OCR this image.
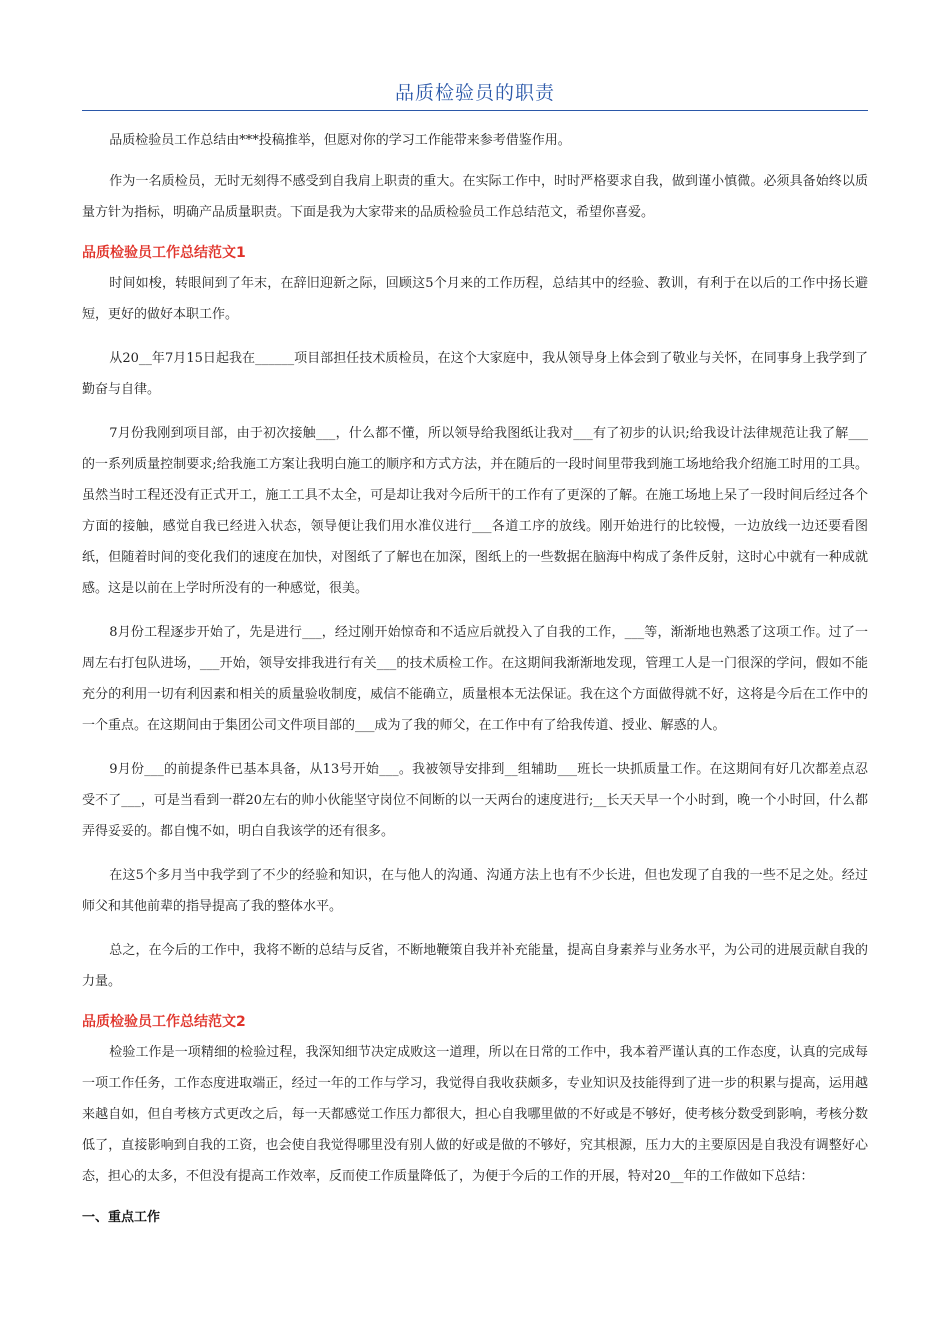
品质检验员的职责

品质检验员工作总结由***投稿推举，但愿对你的学习工作能带来参考借鉴作用。

作为一名质检员，无时无刻得不感受到自我肩上职责的重大。在实际工作中，时时严格要求自我，做到谨小慎微。必须具备始终以质量方针为指标，明确产品质量职责。下面是我为大家带来的品质检验员工作总结范文，希望你喜爱。

品质检验员工作总结范文1

时间如梭，转眼间到了年末，在辞旧迎新之际，回顾这5个月来的工作历程，总结其中的经验、教训，有利于在以后的工作中扬长避短，更好的做好本职工作。

从20__年7月15日起我在______项目部担任技术质检员，在这个大家庭中，我从领导身上体会到了敬业与关怀，在同事身上我学到了勤奋与自律。

7月份我刚到项目部，由于初次接触___，什么都不懂，所以领导给我图纸让我对___有了初步的认识;给我设计法律规范让我了解___的一系列质量控制要求;给我施工方案让我明白施工的顺序和方式方法，并在随后的一段时间里带我到施工场地给我介绍施工时用的工具。虽然当时工程还没有正式开工，施工工具不太全，可是却让我对今后所干的工作有了更深的了解。在施工场地上呆了一段时间后经过各个方面的接触，感觉自我已经进入状态，领导便让我们用水准仪进行___各道工序的放线。刚开始进行的比较慢，一边放线一边还要看图纸，但随着时间的变化我们的速度在加快，对图纸了了解也在加深，图纸上的一些数据在脑海中构成了条件反射，这时心中就有一种成就感。这是以前在上学时所没有的一种感觉，很美。

8月份工程逐步开始了，先是进行___，经过刚开始惊奇和不适应后就投入了自我的工作，___等，渐渐地也熟悉了这项工作。过了一周左右打包队进场，___开始，领导安排我进行有关___的技术质检工作。在这期间我渐渐地发现，管理工人是一门很深的学问，假如不能充分的利用一切有利因素和相关的质量验收制度，威信不能确立，质量根本无法保证。我在这个方面做得就不好，这将是今后在工作中的一个重点。在这期间由于集团公司文件项目部的___成为了我的师父，在工作中有了给我传道、授业、解惑的人。

9月份___的前提条件已基本具备，从13号开始___。我被领导安排到__组辅助___班长一块抓质量工作。在这期间有好几次都差点忍受不了___，可是当看到一群20左右的帅小伙能坚守岗位不间断的以一天两台的速度进行;__长天天早一个小时到，晚一个小时回，什么都弄得妥妥的。都自愧不如，明白自我该学的还有很多。

在这5个多月当中我学到了不少的经验和知识，在与他人的沟通、沟通方法上也有不少长进，但也发现了自我的一些不足之处。经过师父和其他前辈的指导提高了我的整体水平。

总之，在今后的工作中，我将不断的总结与反省，不断地鞭策自我并补充能量，提高自身素养与业务水平，为公司的进展贡献自我的力量。

品质检验员工作总结范文2

检验工作是一项精细的检验过程，我深知细节决定成败这一道理，所以在日常的工作中，我本着严谨认真的工作态度，认真的完成每一项工作任务，工作态度进取端正，经过一年的工作与学习，我觉得自我收获颇多，专业知识及技能得到了进一步的积累与提高，运用越来越自如，但自考核方式更改之后，每一天都感觉工作压力都很大，担心自我哪里做的不好或是不够好，使考核分数受到影响，考核分数低了，直接影响到自我的工资，也会使自我觉得哪里没有别人做的好或是做的不够好，究其根源，压力大的主要原因是自我没有调整好心态，担心的太多，不但没有提高工作效率，反而使工作质量降低了，为便于今后的工作的开展，特对20__年的工作做如下总结：

一、重点工作
